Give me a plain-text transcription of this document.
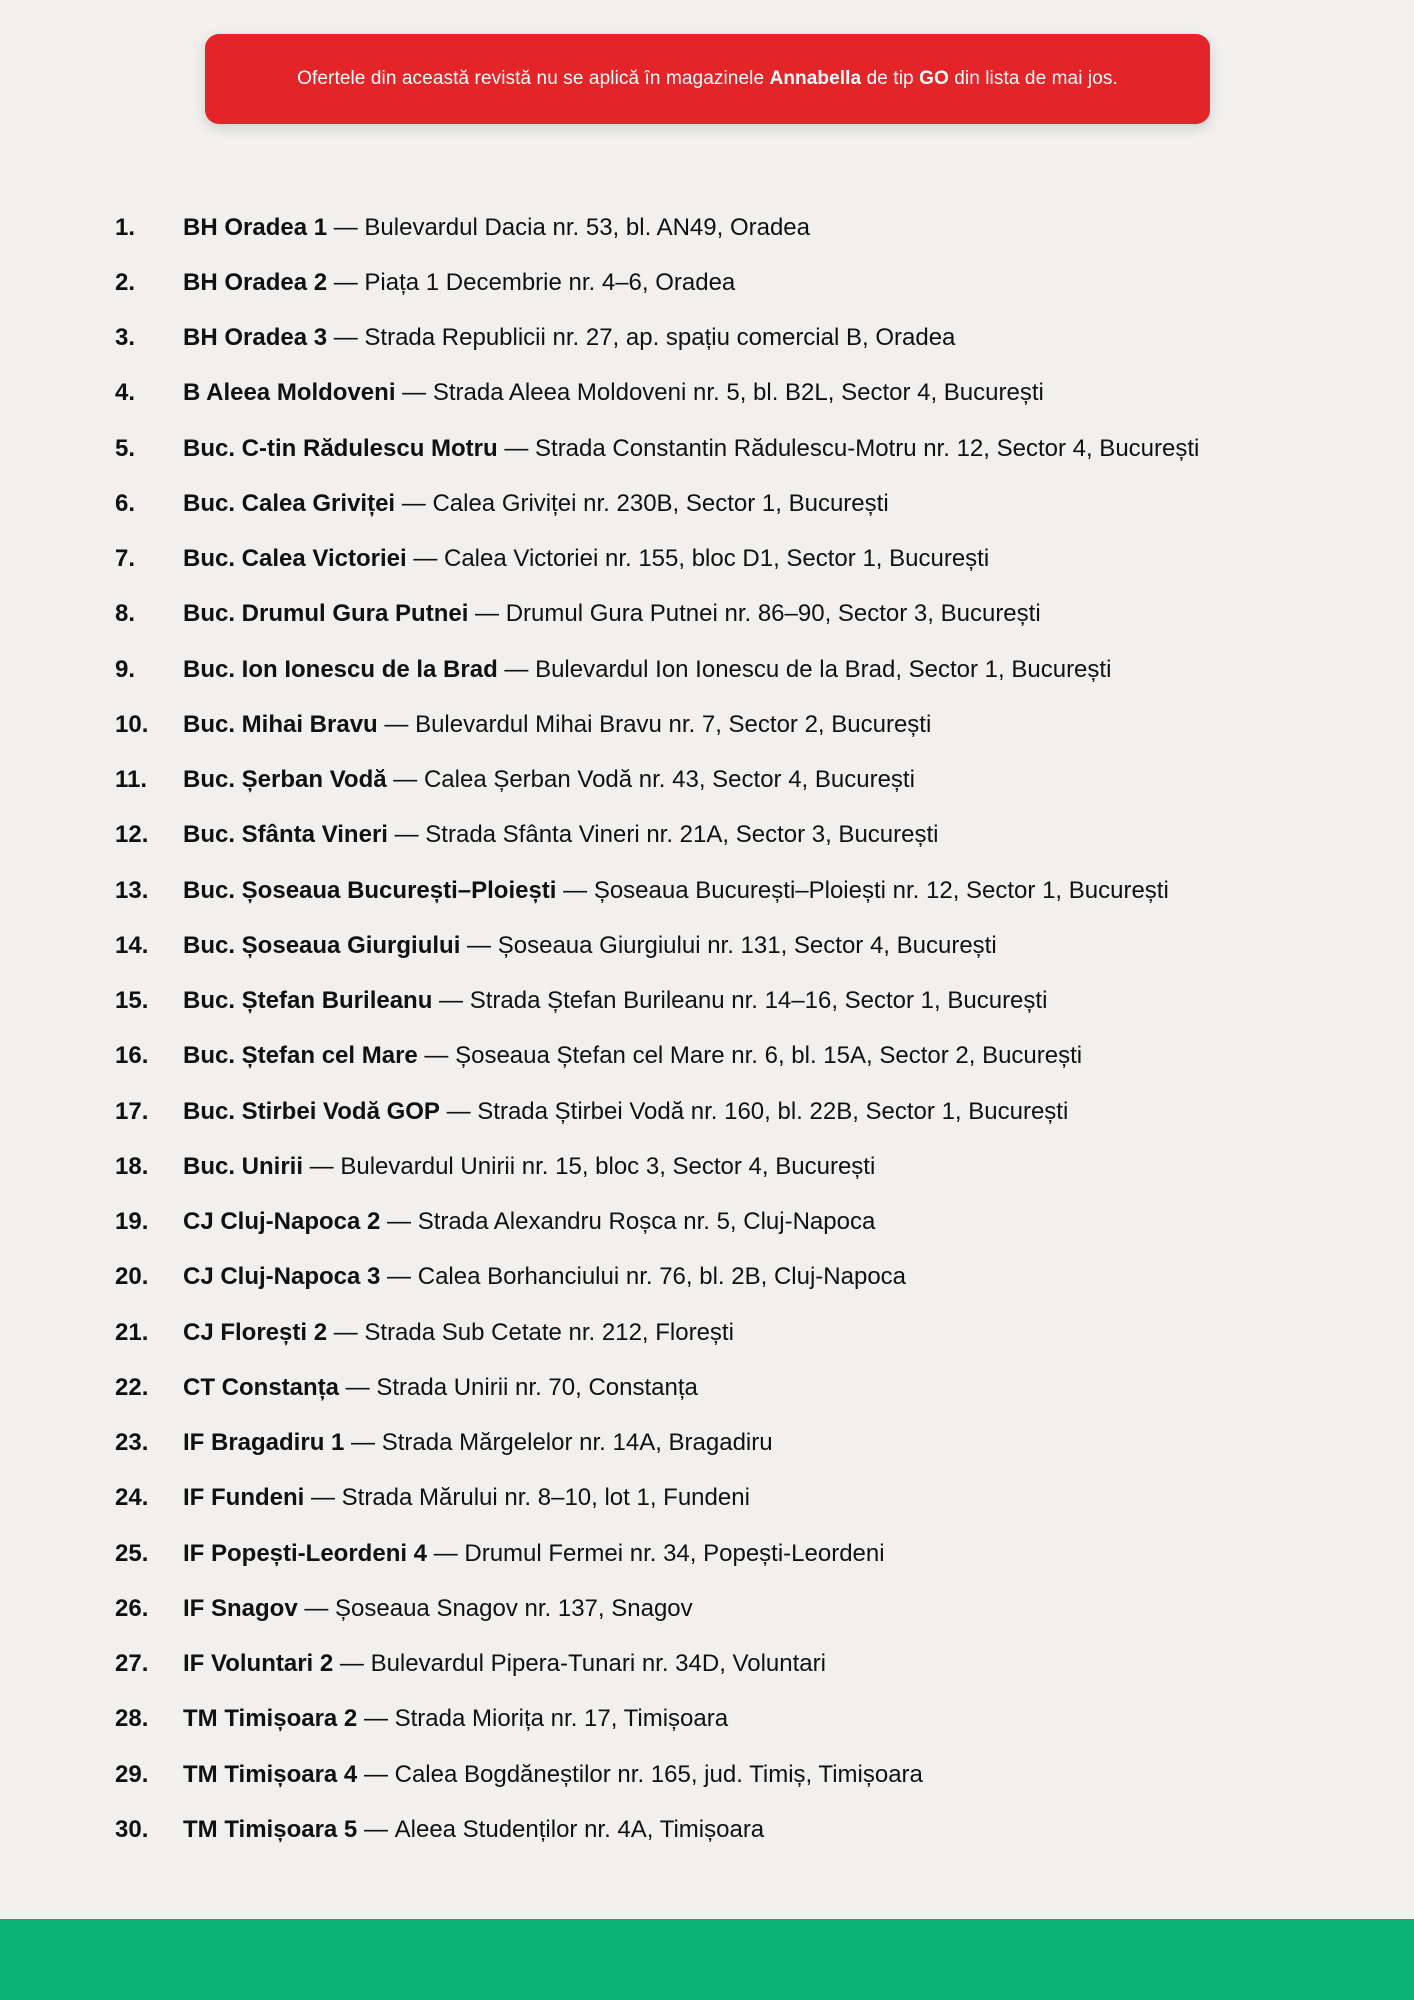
Ofertele din această revistă nu se aplică în magazinele Annabella de tip GO din lista de mai jos.
1.	BH Oradea 1 — Bulevardul Dacia nr. 53, bl. AN49, Oradea
2.	BH Oradea 2 — Piața 1 Decembrie nr. 4–6, Oradea
3.	BH Oradea 3 — Strada Republicii nr. 27, ap. spațiu comercial B, Oradea
4.	B Aleea Moldoveni — Strada Aleea Moldoveni nr. 5, bl. B2L, Sector 4, București
5.	Buc. C-tin Rădulescu Motru — Strada Constantin Rădulescu-Motru nr. 12, Sector 4, București
6.	Buc. Calea Griviței — Calea Griviței nr. 230B, Sector 1, București
7.	Buc. Calea Victoriei — Calea Victoriei nr. 155, bloc D1, Sector 1, București
8.	Buc. Drumul Gura Putnei — Drumul Gura Putnei nr. 86–90, Sector 3, București
9.	Buc. Ion Ionescu de la Brad — Bulevardul Ion Ionescu de la Brad, Sector 1, București
10.	Buc. Mihai Bravu — Bulevardul Mihai Bravu nr. 7, Sector 2, București
11.	Buc. Șerban Vodă — Calea Șerban Vodă nr. 43, Sector 4, București
12.	Buc. Sfânta Vineri — Strada Sfânta Vineri nr. 21A, Sector 3, București
13.	Buc. Șoseaua București–Ploiești — Șoseaua București–Ploiești nr. 12, Sector 1, București
14.	Buc. Șoseaua Giurgiului — Șoseaua Giurgiului nr. 131, Sector 4, București
15.	Buc. Ștefan Burileanu — Strada Ștefan Burileanu nr. 14–16, Sector 1, București
16.	Buc. Ștefan cel Mare — Șoseaua Ștefan cel Mare nr. 6, bl. 15A, Sector 2, București
17.	Buc. Stirbei Vodă GOP — Strada Știrbei Vodă nr. 160, bl. 22B, Sector 1, București
18.	Buc. Unirii — Bulevardul Unirii nr. 15, bloc 3, Sector 4, București
19.	CJ Cluj-Napoca 2 — Strada Alexandru Roșca nr. 5, Cluj-Napoca
20.	CJ Cluj-Napoca 3 — Calea Borhanciului nr. 76, bl. 2B, Cluj-Napoca
21.	CJ Florești 2 — Strada Sub Cetate nr. 212, Florești
22.	CT Constanța — Strada Unirii nr. 70, Constanța
23.	IF Bragadiru 1 — Strada Mărgelelor nr. 14A, Bragadiru
24.	IF Fundeni — Strada Mărului nr. 8–10, lot 1, Fundeni
25.	IF Popești-Leordeni 4 — Drumul Fermei nr. 34, Popești-Leordeni
26.	IF Snagov — Șoseaua Snagov nr. 137, Snagov
27.	IF Voluntari 2 — Bulevardul Pipera-Tunari nr. 34D, Voluntari
28.	TM Timișoara 2 — Strada Miorița nr. 17, Timișoara
29.	TM Timișoara 4 — Calea Bogdăneștilor nr. 165, jud. Timiș, Timișoara
30.	TM Timișoara 5 — Aleea Studenților nr. 4A, Timișoara
